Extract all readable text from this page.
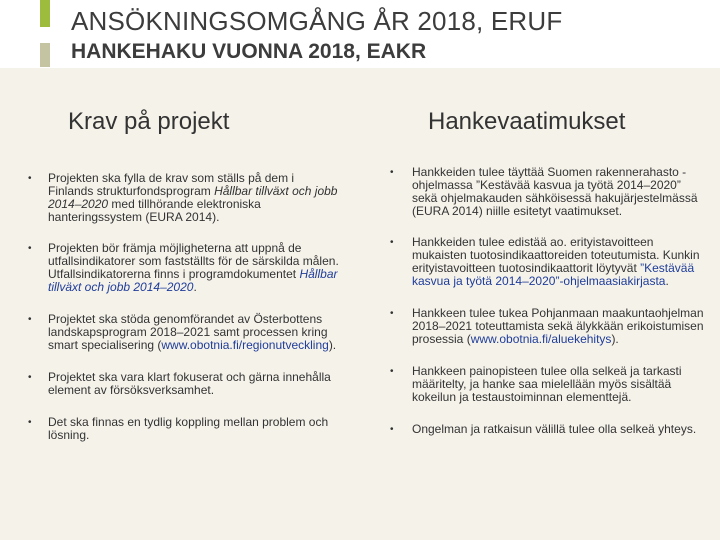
ANSÖKNINGSOMGÅNG ÅR 2018, ERUF
HANKEHAKU VUONNA 2018, EAKR
Krav på projekt	Hankevaatimukset
• Projekten ska fylla de krav som ställs på dem i Finlands strukturfondsprogram Hållbar tillväxt och jobb 2014–2020 med tillhörande elektroniska hanteringssystem (EURA 2014).
• Projekten bör främja möjligheterna att uppnå de utfallsindikatorer som fastställts för de särskilda målen. Utfallsindikatorerna finns i programdokumentet Hållbar tillväxt och jobb 2014–2020.
• Projektet ska stöda genomförandet av Österbottens landskapsprogram 2018–2021 samt processen kring smart specialisering (www.obotnia.fi/regionutveckling).
• Projektet ska vara klart fokuserat och gärna innehålla element av försöksverksamhet.
• Det ska finnas en tydlig koppling mellan problem och lösning.
• Hankkeiden tulee täyttää Suomen rakennerahasto -ohjelmassa ”Kestävää kasvua ja työtä 2014–2020” sekä ohjelmakauden sähköisessä hakujärjestelmässä (EURA 2014) niille esitetyt vaatimukset.
• Hankkeiden tulee edistää ao. erityistavoitteen mukaisten tuotosindikaattoreiden toteutumista. Kunkin erityistavoitteen tuotosindikaattorit löytyvät ”Kestävää kasvua ja työtä 2014–2020”-ohjelmaasiakirjasta.
• Hankkeen tulee tukea Pohjanmaan maakuntaohjelman 2018–2021 toteuttamista sekä älykkään erikoistumisen prosessia (www.obotnia.fi/aluekehitys).
• Hankkeen painopisteen tulee olla selkeä ja tarkasti määritelty, ja hanke saa mielellään myös sisältää kokeilun ja testaustoiminnan elementtejä.
• Ongelman ja ratkaisun välillä tulee olla selkeä yhteys.
